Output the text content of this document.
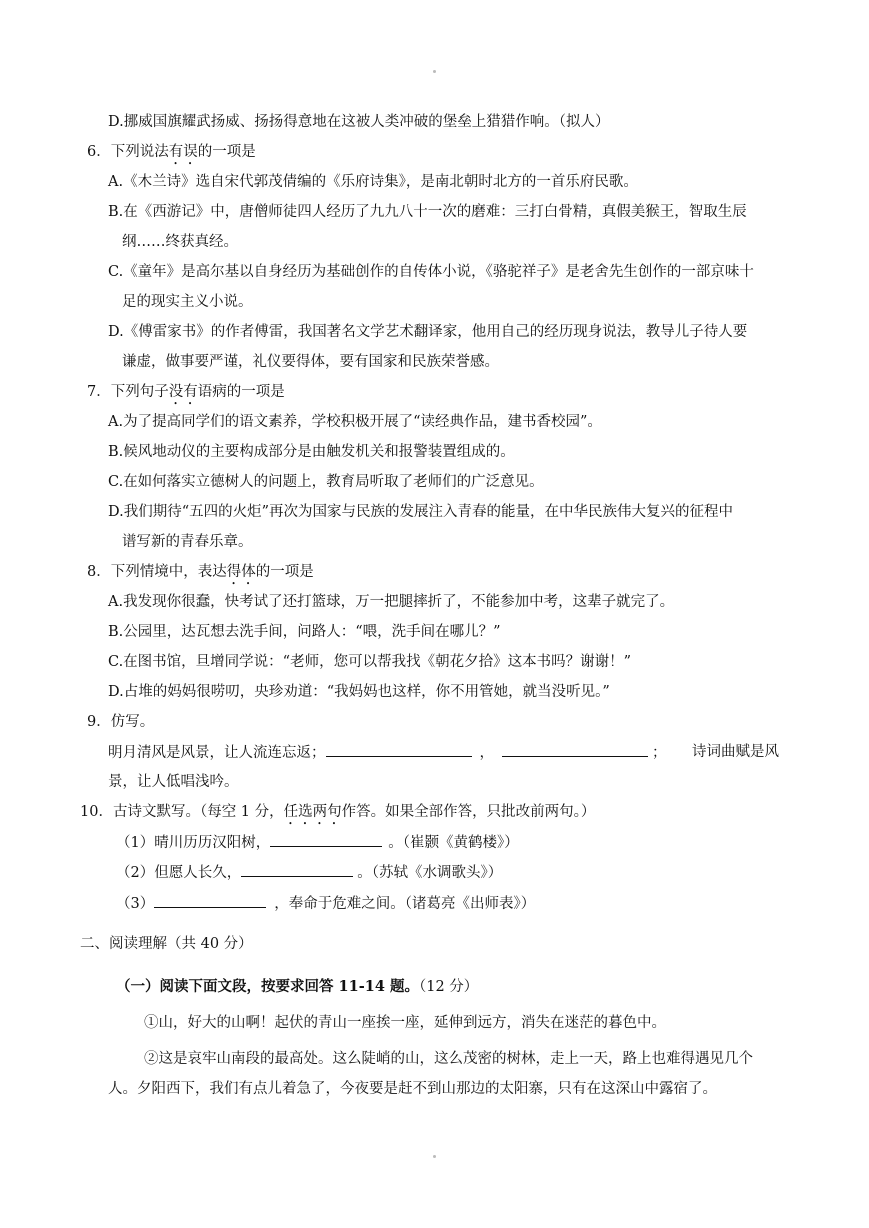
D.挪威国旗耀武扬威、扬扬得意地在这被人类冲破的堡垒上猎猎作响。（拟人）
6．下列说法有误的一项是
A.《木兰诗》选自宋代郭茂倩编的《乐府诗集》，是南北朝时北方的一首乐府民歌。
B.在《西游记》中，唐僧师徒四人经历了九九八十一次的磨难：三打白骨精，真假美猴王，智取生辰
纲……终获真经。
C.《童年》是高尔基以自身经历为基础创作的自传体小说，《骆驼祥子》是老舍先生创作的一部京味十
足的现实主义小说。
D.《傅雷家书》的作者傅雷，我国著名文学艺术翻译家，他用自己的经历现身说法，教导儿子待人要
谦虚，做事要严谨，礼仪要得体，要有国家和民族荣誉感。
7．下列句子没有语病的一项是
A.为了提高同学们的语文素养，学校积极开展了“读经典作品，建书香校园”。
B.候风地动仪的主要构成部分是由触发机关和报警装置组成的。
C.在如何落实立德树人的问题上，教育局听取了老师们的广泛意见。
D.我们期待“五四的火炬”再次为国家与民族的发展注入青春的能量，在中华民族伟大复兴的征程中
谱写新的青春乐章。
8．下列情境中，表达得体的一项是
A.我发现你很蠢，快考试了还打篮球，万一把腿摔折了，不能参加中考，这辈子就完了。
B.公园里，达瓦想去洗手间，问路人：“喂，洗手间在哪儿？”
C.在图书馆，旦增同学说：“老师，您可以帮我找《朝花夕拾》这本书吗？谢谢！”
D.占堆的妈妈很唠叨，央珍劝道：“我妈妈也这样，你不用管她，就当没听见。”
9．仿写。
明月清风是风景，让人流连忘返；	，	； 诗词曲赋是风
景，让人低唱浅吟。
10．古诗文默写。（每空 1 分，任选两句作答。如果全部作答，只批改前两句。）
（1）晴川历历汉阳树，	。（崔颢《黄鹤楼》）
（2）但愿人长久，	。（苏轼《水调歌头》）
（3）	，奉命于危难之间。（诸葛亮《出师表》）
二、阅读理解（共 40 分）
（一）阅读下面文段，按要求回答 11-14 题。（12 分）
①山，好大的山啊！起伏的青山一座挨一座，延伸到远方，消失在迷茫的暮色中。
②这是哀牢山南段的最高处。这么陡峭的山，这么茂密的树林，走上一天，路上也难得遇见几个
人。夕阳西下，我们有点儿着急了，今夜要是赶不到山那边的太阳寨，只有在这深山中露宿了。
